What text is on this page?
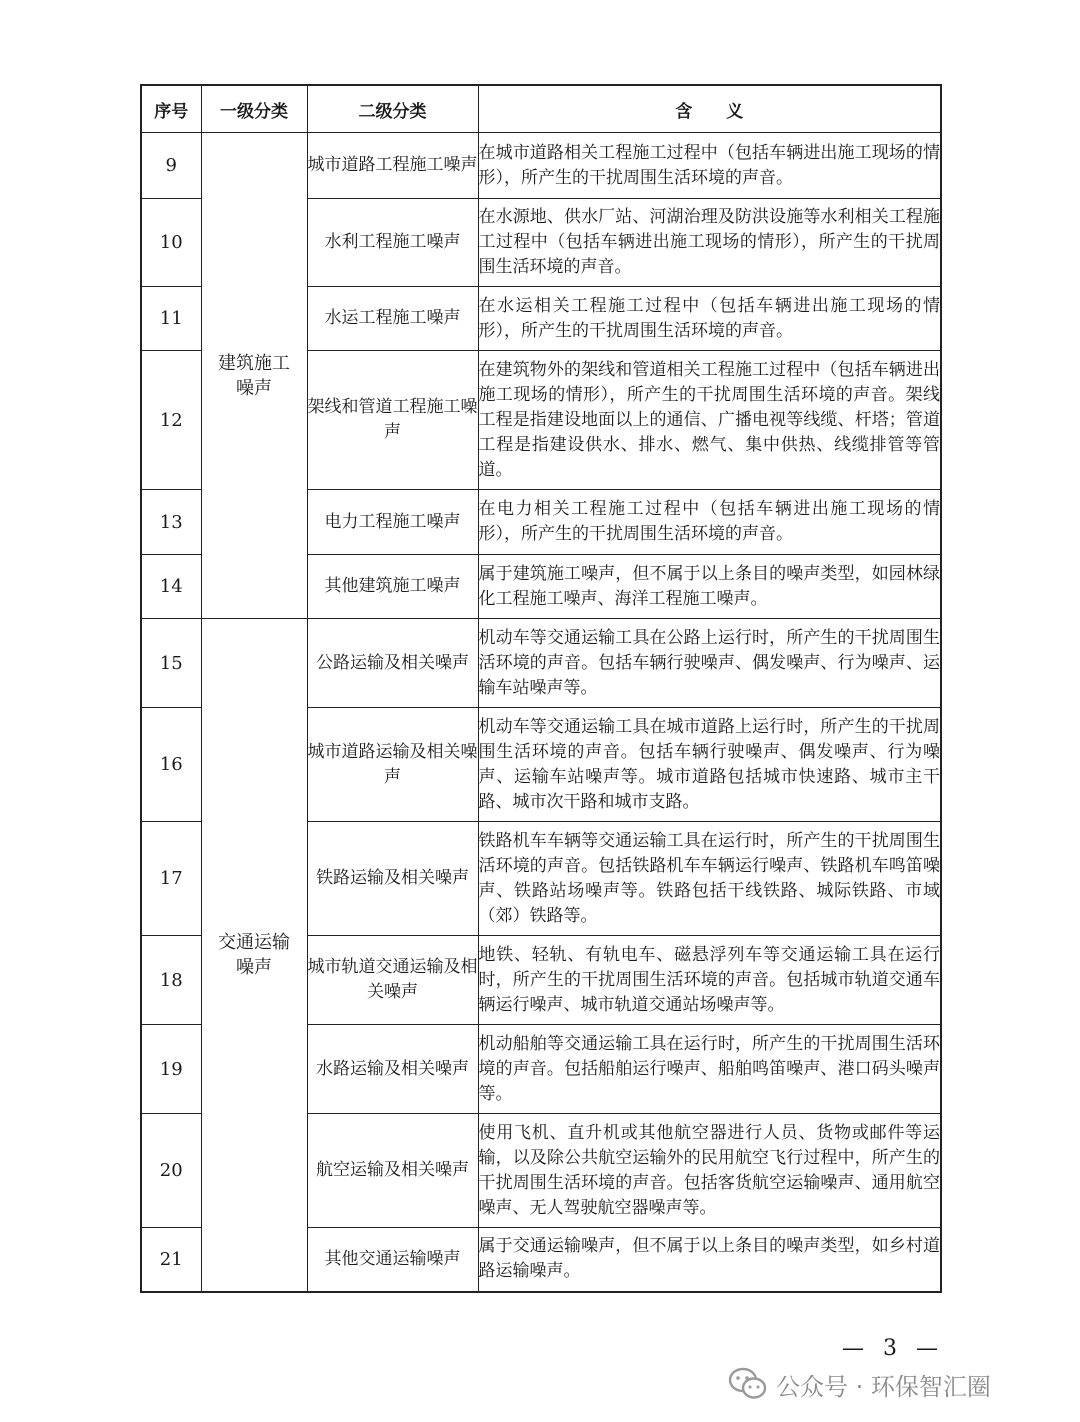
序号	一级分类	二级分类	含　　义
9	建筑施工噪声	城市道路工程施工噪声	在城市道路相关工程施工过程中（包括车辆进出施工现场的情形），所产生的干扰周围生活环境的声音。
10		水利工程施工噪声	在水源地、供水厂站、河湖治理及防洪设施等水利相关工程施工过程中（包括车辆进出施工现场的情形），所产生的干扰周围生活环境的声音。
11		水运工程施工噪声	在水运相关工程施工过程中（包括车辆进出施工现场的情形），所产生的干扰周围生活环境的声音。
12		架线和管道工程施工噪声	在建筑物外的架线和管道相关工程施工过程中（包括车辆进出施工现场的情形），所产生的干扰周围生活环境的声音。架线工程是指建设地面以上的通信、广播电视等线缆、杆塔；管道工程是指建设供水、排水、燃气、集中供热、线缆排管等管道。
13		电力工程施工噪声	在电力相关工程施工过程中（包括车辆进出施工现场的情形），所产生的干扰周围生活环境的声音。
14		其他建筑施工噪声	属于建筑施工噪声，但不属于以上条目的噪声类型，如园林绿化工程施工噪声、海洋工程施工噪声。
15	交通运输噪声	公路运输及相关噪声	机动车等交通运输工具在公路上运行时，所产生的干扰周围生活环境的声音。包括车辆行驶噪声、偶发噪声、行为噪声、运输车站噪声等。
16		城市道路运输及相关噪声	机动车等交通运输工具在城市道路上运行时，所产生的干扰周围生活环境的声音。包括车辆行驶噪声、偶发噪声、行为噪声、运输车站噪声等。城市道路包括城市快速路、城市主干路、城市次干路和城市支路。
17		铁路运输及相关噪声	铁路机车车辆等交通运输工具在运行时，所产生的干扰周围生活环境的声音。包括铁路机车车辆运行噪声、铁路机车鸣笛噪声、铁路站场噪声等。铁路包括干线铁路、城际铁路、市域（郊）铁路等。
18		城市轨道交通运输及相关噪声	地铁、轻轨、有轨电车、磁悬浮列车等交通运输工具在运行时，所产生的干扰周围生活环境的声音。包括城市轨道交通车辆运行噪声、城市轨道交通站场噪声等。
19		水路运输及相关噪声	机动船舶等交通运输工具在运行时，所产生的干扰周围生活环境的声音。包括船舶运行噪声、船舶鸣笛噪声、港口码头噪声等。
20		航空运输及相关噪声	使用飞机、直升机或其他航空器进行人员、货物或邮件等运输，以及除公共航空运输外的民用航空飞行过程中，所产生的干扰周围生活环境的声音。包括客货航空运输噪声、通用航空噪声、无人驾驶航空器噪声等。
21		其他交通运输噪声	属于交通运输噪声，但不属于以上条目的噪声类型，如乡村道路运输噪声。
— 3 —
公众号 · 环保智汇圈
